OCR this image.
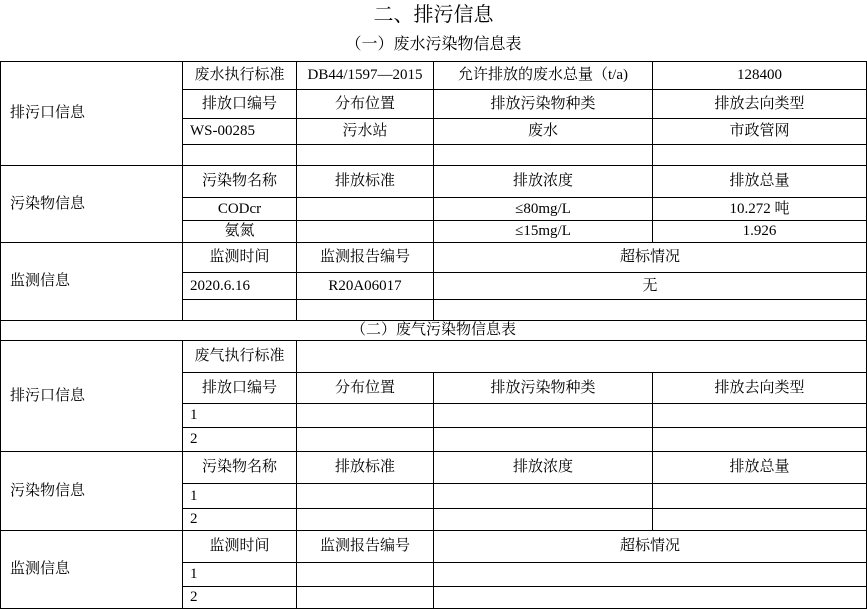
二、排污信息
（一）废水污染物信息表
排污口信息	废水执行标准	DB44/1597—2015	允许排放的废水总量（t/a)	128400
	排放口编号	分布位置	排放污染物种类	排放去向类型
	WS-00285	污水站	废水	市政管网

污染物信息	污染物名称	排放标准	排放浓度	排放总量
	CODcr		≤80mg/L	10.272 吨
	氨氮		≤15mg/L	1.926
监测信息	监测时间	监测报告编号	超标情况	
	2020.6.16	R20A06017	无	

（二）废气污染物信息表				
排污口信息	废气执行标准			
	排放口编号	分布位置	排放污染物种类	排放去向类型
	1			
	2			
污染物信息	污染物名称	排放标准	排放浓度	排放总量
	1			
	2			
监测信息	监测时间	监测报告编号	超标情况	
	1			
	2			
